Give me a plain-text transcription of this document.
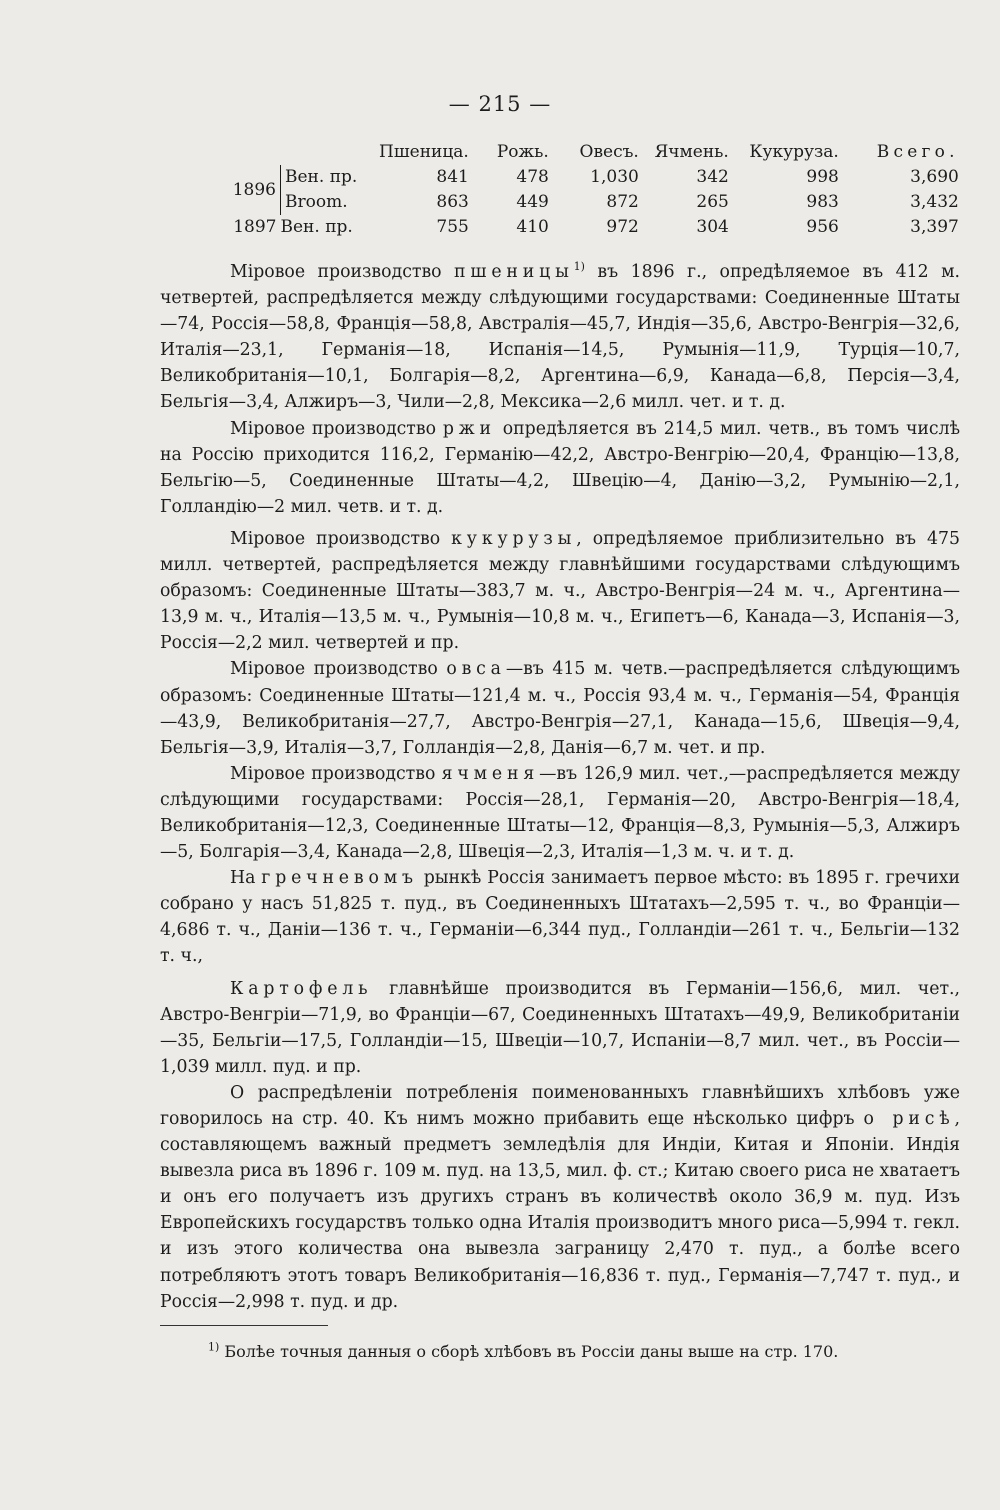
— 215 —
		Пшеница.	Рожь.	Овесъ.	Ячмень.	Кукуруза.	Всего.
1896	Вен. пр.	841	478	1,030	342	998	3,690
	Broom.	863	449	872	265	983	3,432
1897	Вен. пр.	755	410	972	304	956	3,397

Міровое производство пшеницы$^{1)}$ въ 1896 г., опредѣляемое въ 412 м. четвертей, распредѣляется между слѣдующими государствами: Соединенные Штаты—74, Россія—58,8, Франція—58,8, Австралія—45,7, Индія—35,6, Австро-Венгрія—32,6, Италія—23,1, Германія—18, Испанія—14,5, Румынія—11,9, Турція—10,7, Великобританія—10,1, Болгарія—8,2, Аргентина—6,9, Канада—6,8, Персія—3,4, Бельгія—3,4, Алжиръ—3, Чили—2,8, Мексика—2,6 милл. чет. и т. д.

Міровое производство ржи опредѣляется въ 214,5 мил. четв., въ томъ числѣ на Россію приходится 116,2, Германію—42,2, Австро-Венгрію—20,4, Францію—13,8, Бельгію—5, Соединенные Штаты—4,2, Швецію—4, Данію—3,2, Румынію—2,1, Голландію—2 мил. четв. и т. д.

Міровое производство кукурузы, опредѣляемое приблизительно въ 475 милл. четвертей, распредѣляется между главнѣйшими государствами слѣдующимъ образомъ: Соединенные Штаты—383,7 м. ч., Австро-Венгрія—24 м. ч., Аргентина—13,9 м. ч., Италія—13,5 м. ч., Румынія—10,8 м. ч., Египетъ—6, Канада—3, Испанія—3, Россія—2,2 мил. четвертей и пр.

Міровое производство овса—въ 415 м. четв.—распредѣляется слѣдующимъ образомъ: Соединенные Штаты—121,4 м. ч., Россія 93,4 м. ч., Германія—54, Франція—43,9, Великобританія—27,7, Австро-Венгрія—27,1, Канада—15,6, Швеція—9,4, Бельгія—3,9, Италія—3,7, Голландія—2,8, Данія—6,7 м. чет. и пр.

Міровое производство ячменя—въ 126,9 мил. чет.,—распредѣляется между слѣдующими государствами: Россія—28,1, Германія—20, Австро-Венгрія—18,4, Великобританія—12,3, Соединенные Штаты—12, Франція—8,3, Румынія—5,3, Алжиръ—5, Болгарія—3,4, Канада—2,8, Швеція—2,3, Италія—1,3 м. ч. и т. д.

На гречневомъ рынкѣ Россія занимаетъ первое мѣсто: въ 1895 г. гречихи собрано у насъ 51,825 т. пуд., въ Соединенныхъ Штатахъ—2,595 т. ч., во Франціи—4,686 т. ч., Даніи—136 т. ч., Германіи—6,344 пуд., Голландіи—261 т. ч., Бельгіи—132 т. ч.,

Картофель главнѣйше производится въ Германіи—156,6, мил. чет., Австро-Венгріи—71,9, во Франціи—67, Соединенныхъ Штатахъ—49,9, Великобританіи—35, Бельгіи—17,5, Голландіи—15, Швеціи—10,7, Испаніи—8,7 мил. чет., въ Россіи—1,039 милл. пуд. и пр.

О распредѣленіи потребленія поименованныхъ главнѣйшихъ хлѣбовъ уже говорилось на стр. 40. Къ нимъ можно прибавить еще нѣсколько цифръ о рисѣ, составляющемъ важный предметъ земледѣлія для Индіи, Китая и Японіи. Индія вывезла риса въ 1896 г. 109 м. пуд. на 13,5, мил. ф. ст.; Китаю своего риса не хватаетъ и онъ его получаетъ изъ другихъ странъ въ количествѣ около 36,9 м. пуд. Изъ Европейскихъ государствъ только одна Италія производитъ много риса—5,994 т. гекл. и изъ этого количества она вывезла заграницу 2,470 т. пуд., а болѣе всего потребляютъ этотъ товаръ Великобританія—16,836 т. пуд., Германія—7,747 т. пуд., и Россія—2,998 т. пуд. и др.

$^{1)}$ Болѣе точныя данныя о сборѣ хлѣбовъ въ Россіи даны выше на стр. 170.
